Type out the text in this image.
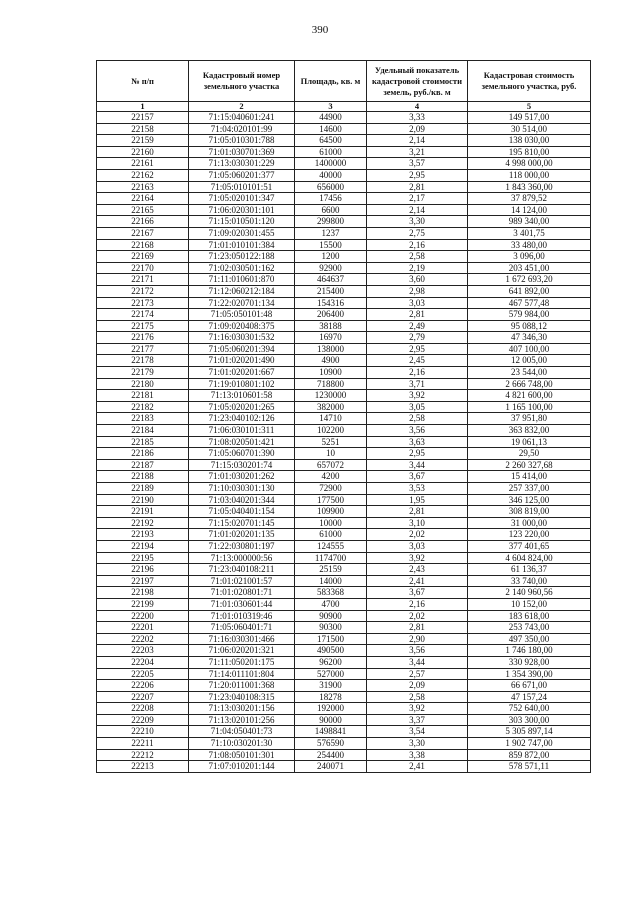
390
№ п/п	Кадастровый номер земельного участка	Площадь, кв. м	Удельный показатель кадастровой стоимости земель, руб./кв. м	Кадастровая стоимость земельного участка, руб.
1	2	3	4	5
22157	71:15:040601:241	44900	3,33	149 517,00
22158	71:04:020101:99	14600	2,09	30 514,00
22159	71:05:010301:788	64500	2,14	138 030,00
22160	71:01:030701:369	61000	3,21	195 810,00
22161	71:13:030301:229	1400000	3,57	4 998 000,00
22162	71:05:060201:377	40000	2,95	118 000,00
22163	71:05:010101:51	656000	2,81	1 843 360,00
22164	71:05:020101:347	17456	2,17	37 879,52
22165	71:06:020301:101	6600	2,14	14 124,00
22166	71:15:010501:120	299800	3,30	989 340,00
22167	71:09:020301:455	1237	2,75	3 401,75
22168	71:01:010101:384	15500	2,16	33 480,00
22169	71:23:050122:188	1200	2,58	3 096,00
22170	71:02:030501:162	92900	2,19	203 451,00
22171	71:11:010601:870	464637	3,60	1 672 693,20
22172	71:12:060212:184	215400	2,98	641 892,00
22173	71:22:020701:134	154316	3,03	467 577,48
22174	71:05:050101:48	206400	2,81	579 984,00
22175	71:09:020408:375	38188	2,49	95 088,12
22176	71:16:030301:532	16970	2,79	47 346,30
22177	71:05:060201:394	138000	2,95	407 100,00
22178	71:01:020201:490	4900	2,45	12 005,00
22179	71:01:020201:667	10900	2,16	23 544,00
22180	71:19:010801:102	718800	3,71	2 666 748,00
22181	71:13:010601:58	1230000	3,92	4 821 600,00
22182	71:05:020201:265	382000	3,05	1 165 100,00
22183	71:23:040102:126	14710	2,58	37 951,80
22184	71:06:030101:311	102200	3,56	363 832,00
22185	71:08:020501:421	5251	3,63	19 061,13
22186	71:05:060701:390	10	2,95	29,50
22187	71:15:030201:74	657072	3,44	2 260 327,68
22188	71:01:030201:262	4200	3,67	15 414,00
22189	71:10:030301:130	72900	3,53	257 337,00
22190	71:03:040201:344	177500	1,95	346 125,00
22191	71:05:040401:154	109900	2,81	308 819,00
22192	71:15:020701:145	10000	3,10	31 000,00
22193	71:01:020201:135	61000	2,02	123 220,00
22194	71:22:030801:197	124555	3,03	377 401,65
22195	71:13:000000:56	1174700	3,92	4 604 824,00
22196	71:23:040108:211	25159	2,43	61 136,37
22197	71:01:021001:57	14000	2,41	33 740,00
22198	71:01:020801:71	583368	3,67	2 140 960,56
22199	71:01:030601:44	4700	2,16	10 152,00
22200	71:01:010319:46	90900	2,02	183 618,00
22201	71:05:060401:71	90300	2,81	253 743,00
22202	71:16:030301:466	171500	2,90	497 350,00
22203	71:06:020201:321	490500	3,56	1 746 180,00
22204	71:11:050201:175	96200	3,44	330 928,00
22205	71:14:011101:804	527000	2,57	1 354 390,00
22206	71:20:011001:368	31900	2,09	66 671,00
22207	71:23:040108:315	18278	2,58	47 157,24
22208	71:13:030201:156	192000	3,92	752 640,00
22209	71:13:020101:256	90000	3,37	303 300,00
22210	71:04:050401:73	1498841	3,54	5 305 897,14
22211	71:10:030201:30	576590	3,30	1 902 747,00
22212	71:08:050101:301	254400	3,38	859 872,00
22213	71:07:010201:144	240071	2,41	578 571,11
